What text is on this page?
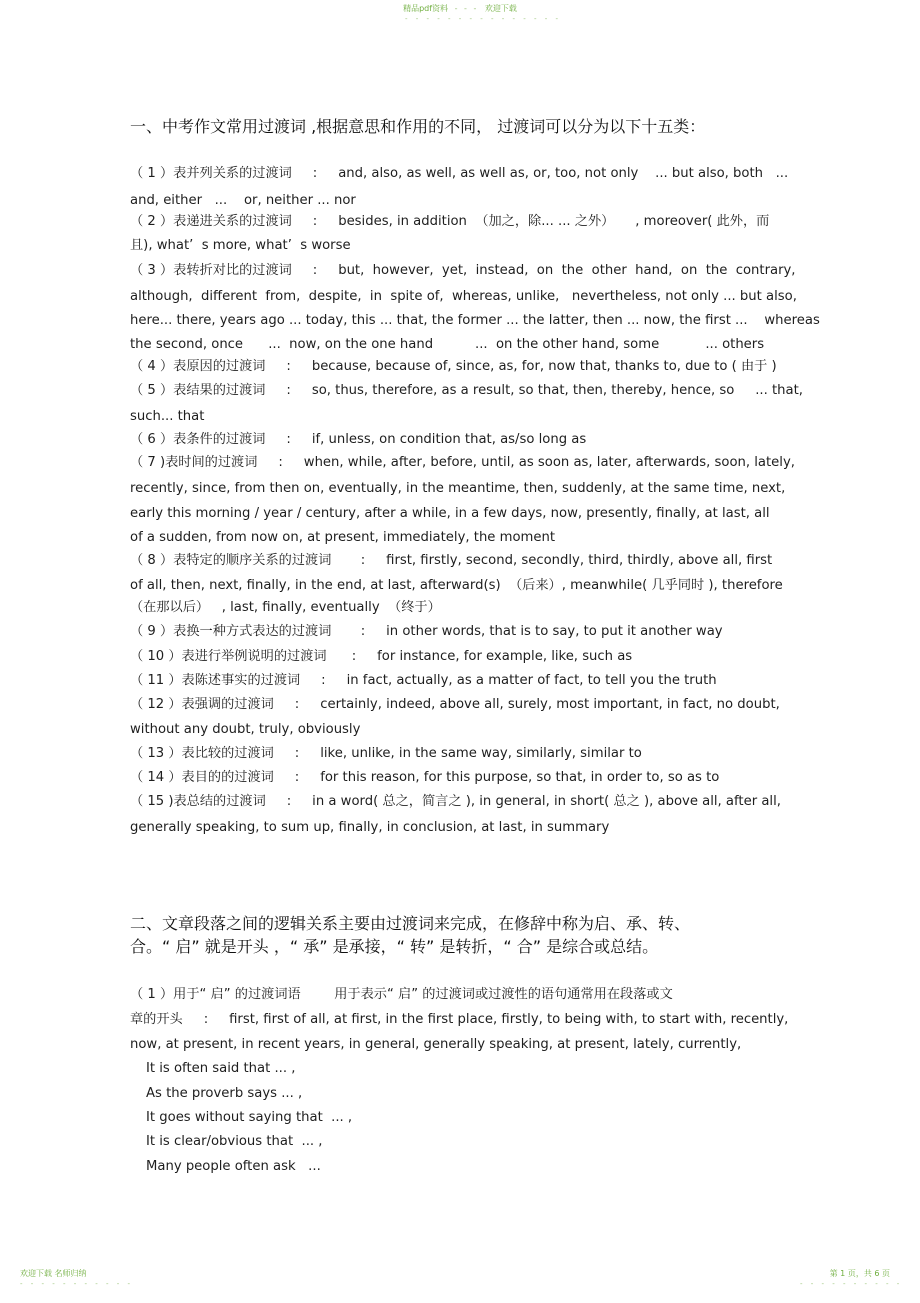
精品pdf资料 - - - 欢迎下载
- - - - - - - - - - - - - - -
一、中考作文常用过渡词 ,根据意思和作用的不同， 过渡词可以分为以下十五类：
（ 1 ）表并列关系的过渡词     :     and, also, as well, as well as, or, too, not only    ... but also, both   ...
and, either   ...    or, neither ... nor
（ 2 ）表递进关系的过渡词     :     besides, in addition  （加之，除... ... 之外）     , moreover( 此外，而
且), what’  s more, what’  s worse
（ 3 ）表转折对比的过渡词     :     but,  however,  yet,  instead,  on  the  other  hand,  on  the  contrary,
although,  different  from,  despite,  in  spite of,  whereas, unlike,   nevertheless, not only ... but also,
here... there, years ago ... today, this ... that, the former ... the latter, then ... now, the first ...    whereas
the second, once      ...  now, on the one hand          ...  on the other hand, some           ... others
（ 4 ）表原因的过渡词     :     because, because of, since, as, for, now that, thanks to, due to ( 由于 )
（ 5 ）表结果的过渡词     :     so, thus, therefore, as a result, so that, then, thereby, hence, so     ... that,
such... that
（ 6 ）表条件的过渡词     :     if, unless, on condition that, as/so long as
（ 7 )表时间的过渡词     :     when, while, after, before, until, as soon as, later, afterwards, soon, lately,
recently, since, from then on, eventually, in the meantime, then, suddenly, at the same time, next,
early this morning / year / century, after a while, in a few days, now, presently, finally, at last, all
of a sudden, from now on, at present, immediately, the moment
（ 8 ）表特定的顺序关系的过渡词       :     first, firstly, second, secondly, third, thirdly, above all, first
of all, then, next, finally, in the end, at last, afterward(s)  （后来）, meanwhile( 几乎同时 ), therefore
（在那以后）   , last, finally, eventually  （终于）
（ 9 ）表换一种方式表达的过渡词       :     in other words, that is to say, to put it another way
（ 10 ）表进行举例说明的过渡词      :     for instance, for example, like, such as
（ 11 ）表陈述事实的过渡词     :     in fact, actually, as a matter of fact, to tell you the truth
（ 12 ）表强调的过渡词     :     certainly, indeed, above all, surely, most important, in fact, no doubt,
without any doubt, truly, obviously
（ 13 ）表比较的过渡词     :     like, unlike, in the same way, similarly, similar to
（ 14 ）表目的的过渡词     :     for this reason, for this purpose, so that, in order to, so as to
（ 15 )表总结的过渡词     :     in a word( 总之，简言之 ), in general, in short( 总之 ), above all, after all,
generally speaking, to sum up, finally, in conclusion, at last, in summary
二、文章段落之间的逻辑关系主要由过渡词来完成，在修辞中称为启、承、转、
合。“ 启” 就是开头 ，“ 承” 是承接，“ 转” 是转折，“ 合” 是综合或总结。
（ 1 ）用于“ 启” 的过渡词语        用于表示“ 启” 的过渡词或过渡性的语句通常用在段落或文
章的开头     :     first, first of all, at first, in the first place, firstly, to being with, to start with, recently,
now, at present, in recent years, in general, generally speaking, at present, lately, currently,
It is often said that ... ,
As the proverb says ... ,
It goes without saying that  ... ,
It is clear/obvious that  ... ,
Many people often ask   ...
欢迎下载 名师归纳
- - - - - - - - - - -
第 1 页，共 6 页
- - - - - - - - - -
